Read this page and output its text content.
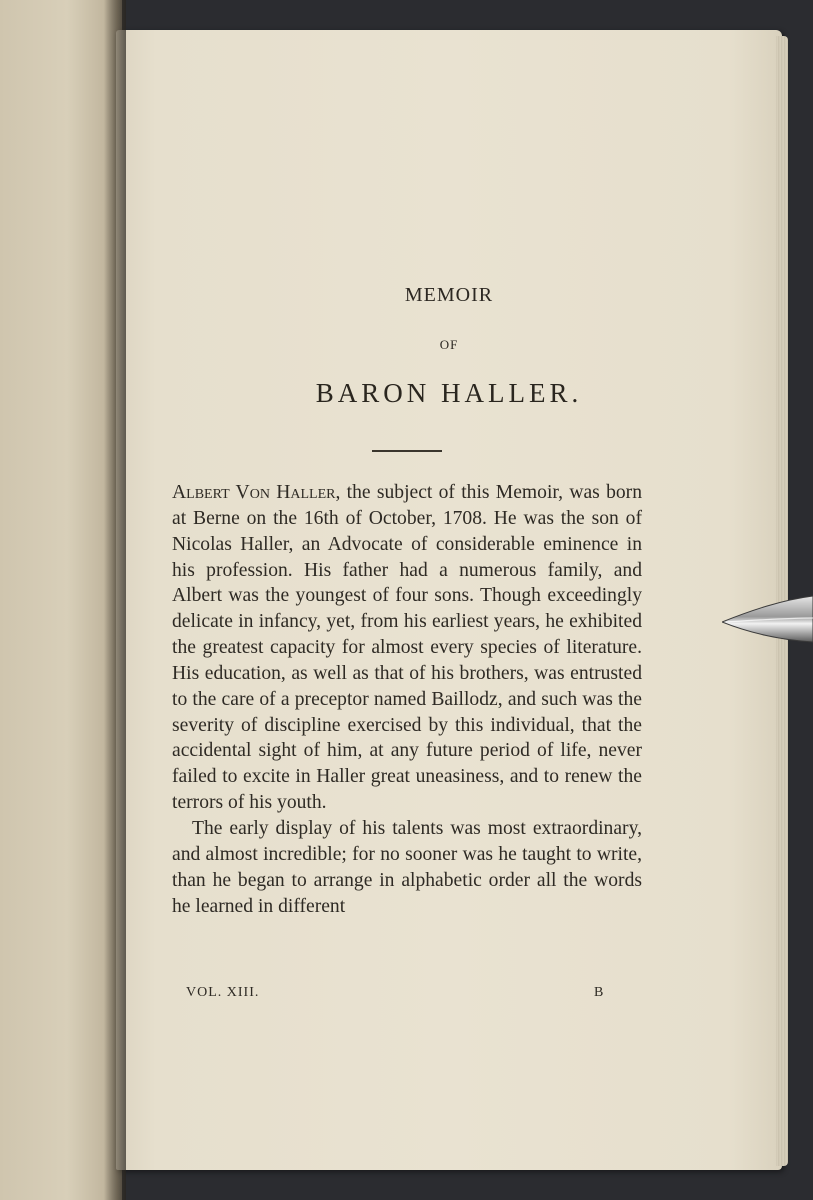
MEMOIR
OF
BARON HALLER.

Albert Von Haller, the subject of this Memoir, was born at Berne on the 16th of October, 1708. He was the son of Nicolas Haller, an Advocate of considerable eminence in his profession. His father had a numerous family, and Albert was the youngest of four sons. Though exceedingly delicate in infancy, yet, from his earliest years, he exhibited the greatest capacity for almost every species of literature. His education, as well as that of his brothers, was entrusted to the care of a preceptor named Baillodz, and such was the severity of discipline exercised by this individual, that the accidental sight of him, at any future period of life, never failed to excite in Haller great uneasiness, and to renew the terrors of his youth.

The early display of his talents was most extraordinary, and almost incredible; for no sooner was he taught to write, than he began to arrange in alphabetic order all the words he learned in different

VOL. XIII.	B
